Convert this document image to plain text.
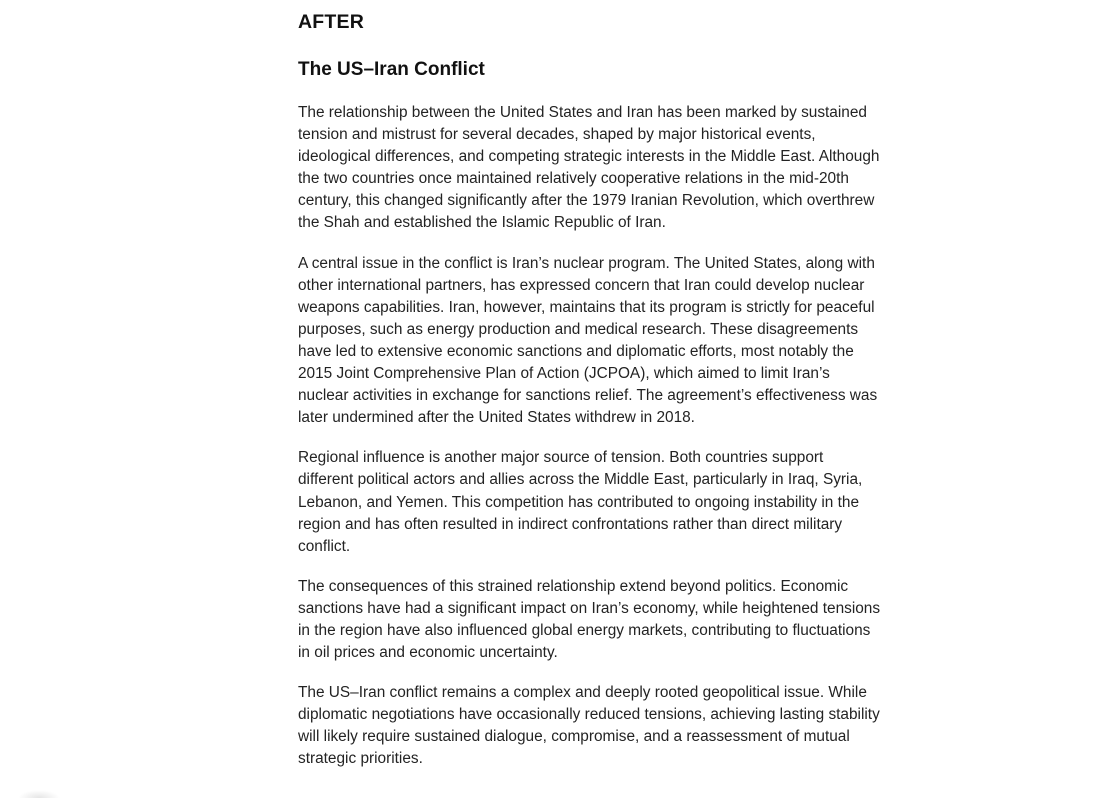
AFTER
The US–Iran Conflict

The relationship between the United States and Iran has been marked by sustained
tension and mistrust for several decades, shaped by major historical events,
ideological differences, and competing strategic interests in the Middle East. Although
the two countries once maintained relatively cooperative relations in the mid-20th
century, this changed significantly after the 1979 Iranian Revolution, which overthrew
the Shah and established the Islamic Republic of Iran.

A central issue in the conflict is Iran’s nuclear program. The United States, along with
other international partners, has expressed concern that Iran could develop nuclear
weapons capabilities. Iran, however, maintains that its program is strictly for peaceful
purposes, such as energy production and medical research. These disagreements
have led to extensive economic sanctions and diplomatic efforts, most notably the
2015 Joint Comprehensive Plan of Action (JCPOA), which aimed to limit Iran’s
nuclear activities in exchange for sanctions relief. The agreement’s effectiveness was
later undermined after the United States withdrew in 2018.

Regional influence is another major source of tension. Both countries support
different political actors and allies across the Middle East, particularly in Iraq, Syria,
Lebanon, and Yemen. This competition has contributed to ongoing instability in the
region and has often resulted in indirect confrontations rather than direct military
conflict.

The consequences of this strained relationship extend beyond politics. Economic
sanctions have had a significant impact on Iran’s economy, while heightened tensions
in the region have also influenced global energy markets, contributing to fluctuations
in oil prices and economic uncertainty.

The US–Iran conflict remains a complex and deeply rooted geopolitical issue. While
diplomatic negotiations have occasionally reduced tensions, achieving lasting stability
will likely require sustained dialogue, compromise, and a reassessment of mutual
strategic priorities.
